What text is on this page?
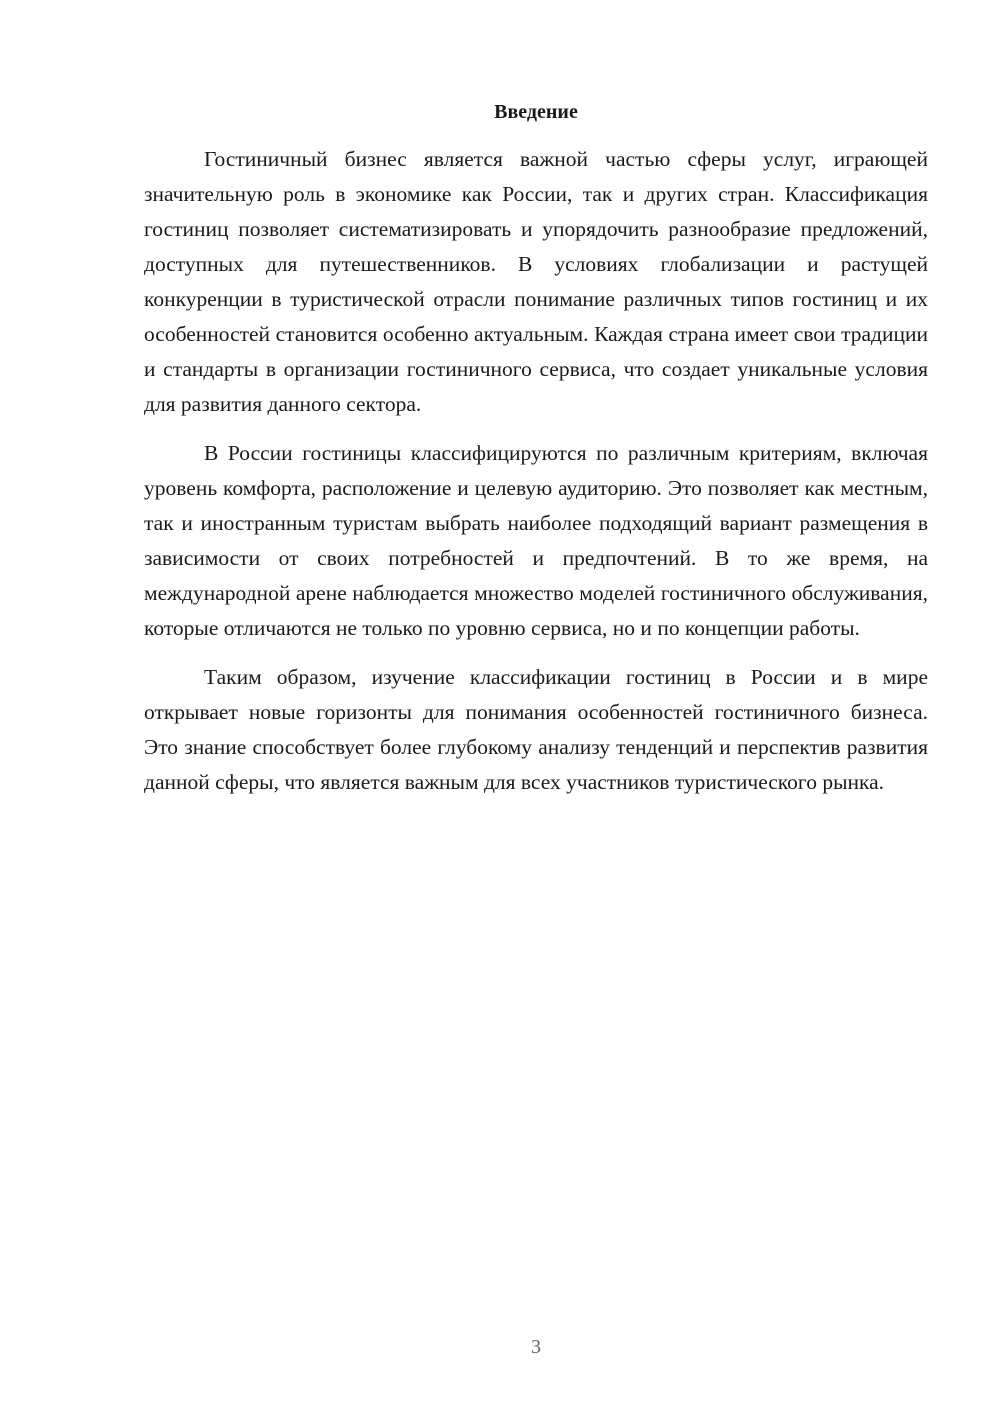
Введение

Гостиничный бизнес является важной частью сферы услуг, играющей значительную роль в экономике как России, так и других стран. Классификация гостиниц позволяет систематизировать и упорядочить разнообразие предложений, доступных для путешественников. В условиях глобализации и растущей конкуренции в туристической отрасли понимание различных типов гостиниц и их особенностей становится особенно актуальным. Каждая страна имеет свои традиции и стандарты в организации гостиничного сервиса, что создает уникальные условия для развития данного сектора.

В России гостиницы классифицируются по различным критериям, включая уровень комфорта, расположение и целевую аудиторию. Это позволяет как местным, так и иностранным туристам выбрать наиболее подходящий вариант размещения в зависимости от своих потребностей и предпочтений. В то же время, на международной арене наблюдается множество моделей гостиничного обслуживания, которые отличаются не только по уровню сервиса, но и по концепции работы.

Таким образом, изучение классификации гостиниц в России и в мире открывает новые горизонты для понимания особенностей гостиничного бизнеса. Это знание способствует более глубокому анализу тенденций и перспектив развития данной сферы, что является важным для всех участников туристического рынка.

3
